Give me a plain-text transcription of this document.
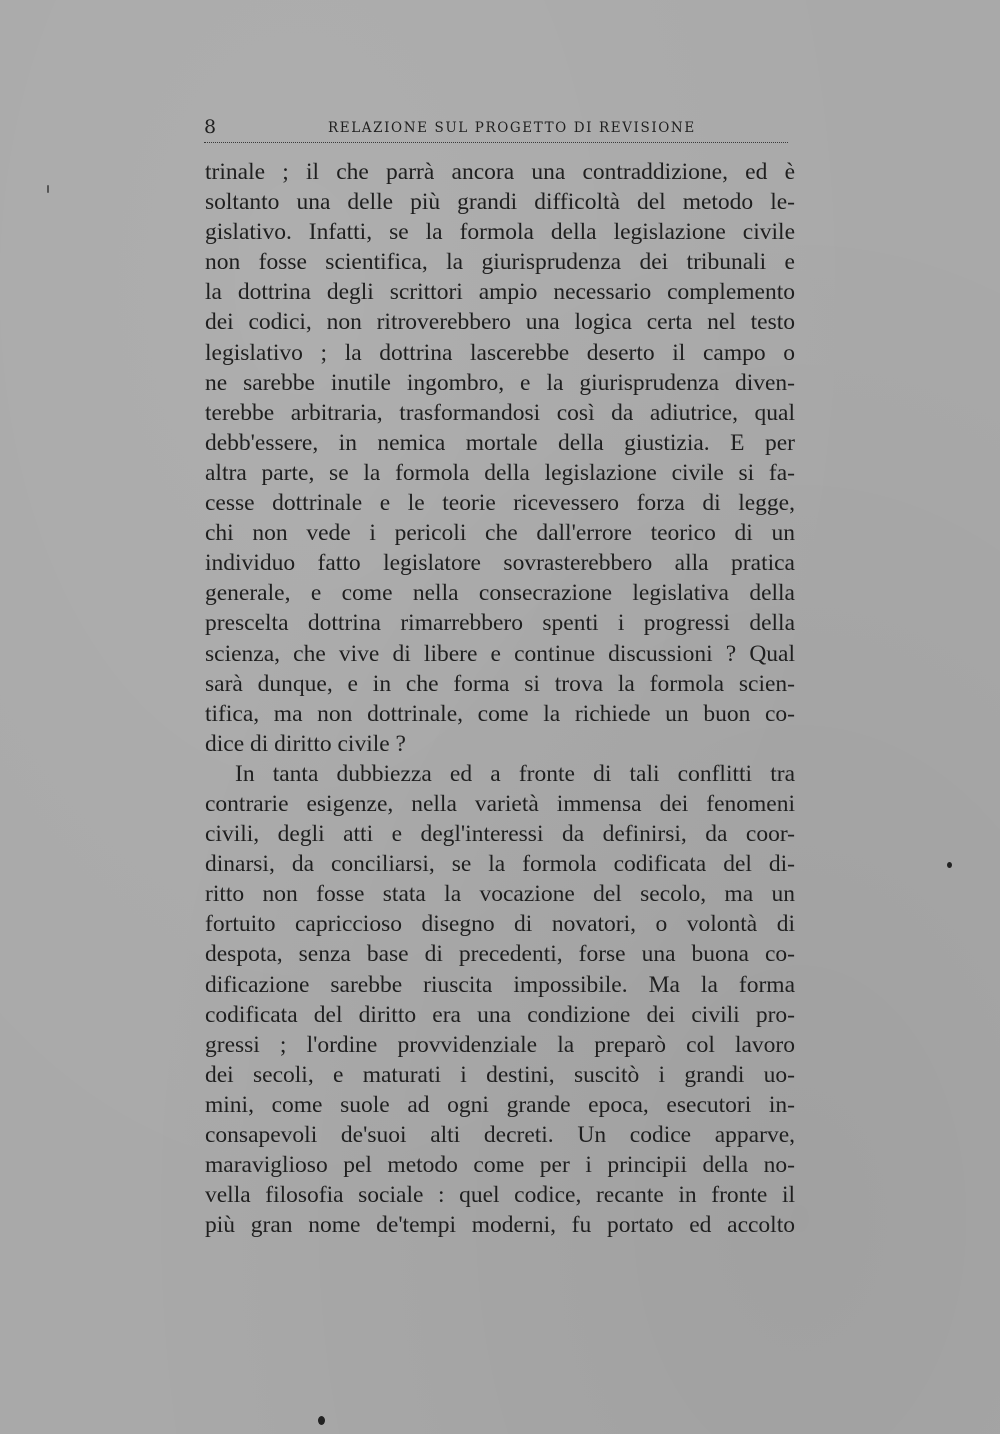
8	RELAZIONE SUL PROGETTO DI REVISIONE
trinale ; il che parrà ancora una contraddizione, ed è
soltanto una delle più grandi difficoltà del metodo le-
gislativo. Infatti, se la formola della legislazione civile
non fosse scientifica, la giurisprudenza dei tribunali e
la dottrina degli scrittori ampio necessario complemento
dei codici, non ritroverebbero una logica certa nel testo
legislativo ; la dottrina lascerebbe deserto il campo o
ne sarebbe inutile ingombro, e la giurisprudenza diven-
terebbe arbitraria, trasformandosi così da adiutrice, qual
debb'essere, in nemica mortale della giustizia. E per
altra parte, se la formola della legislazione civile si fa-
cesse dottrinale e le teorie ricevessero forza di legge,
chi non vede i pericoli che dall'errore teorico di un
individuo fatto legislatore sovrasterebbero alla pratica
generale, e come nella consecrazione legislativa della
prescelta dottrina rimarrebbero spenti i progressi della
scienza, che vive di libere e continue discussioni ? Qual
sarà dunque, e in che forma si trova la formola scien-
tifica, ma non dottrinale, come la richiede un buon co-
dice di diritto civile ?
In tanta dubbiezza ed a fronte di tali conflitti tra
contrarie esigenze, nella varietà immensa dei fenomeni
civili, degli atti e degl'interessi da definirsi, da coor-
dinarsi, da conciliarsi, se la formola codificata del di-
ritto non fosse stata la vocazione del secolo, ma un
fortuito capriccioso disegno di novatori, o volontà di
despota, senza base di precedenti, forse una buona co-
dificazione sarebbe riuscita impossibile. Ma la forma
codificata del diritto era una condizione dei civili pro-
gressi ; l'ordine provvidenziale la preparò col lavoro
dei secoli, e maturati i destini, suscitò i grandi uo-
mini, come suole ad ogni grande epoca, esecutori in-
consapevoli de'suoi alti decreti. Un codice apparve,
maraviglioso pel metodo come per i principii della no-
vella filosofia sociale : quel codice, recante in fronte il
più gran nome de'tempi moderni, fu portato ed accolto
